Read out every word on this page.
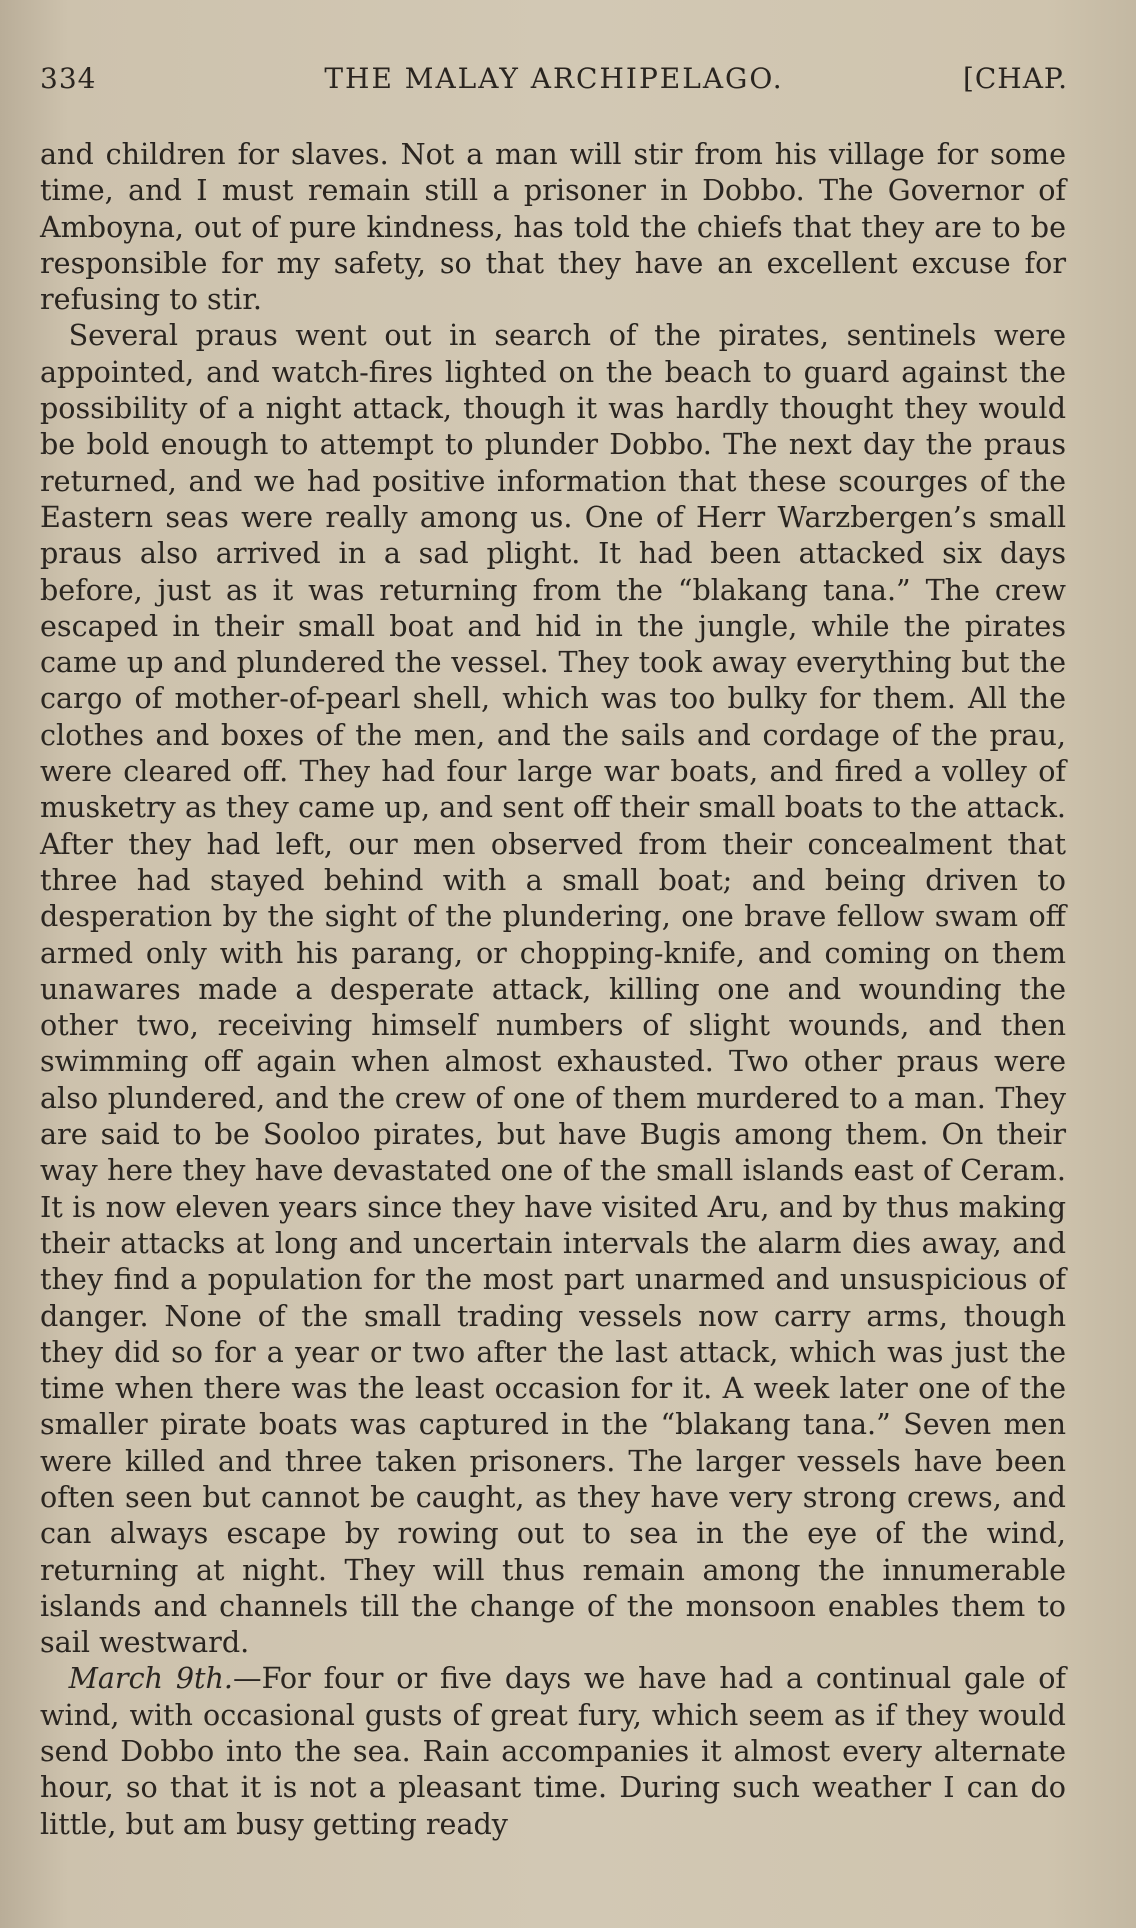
334	THE MALAY ARCHIPELAGO.	[CHAP.

and children for slaves. Not a man will stir from his village for some time, and I must remain still a prisoner in Dobbo. The Governor of Amboyna, out of pure kindness, has told the chiefs that they are to be responsible for my safety, so that they have an excellent excuse for refusing to stir.

Several praus went out in search of the pirates, sentinels were appointed, and watch-fires lighted on the beach to guard against the possibility of a night attack, though it was hardly thought they would be bold enough to attempt to plunder Dobbo. The next day the praus returned, and we had positive information that these scourges of the Eastern seas were really among us. One of Herr Warzbergen’s small praus also arrived in a sad plight. It had been attacked six days before, just as it was returning from the “blakang tana.” The crew escaped in their small boat and hid in the jungle, while the pirates came up and plundered the vessel. They took away everything but the cargo of mother-of-pearl shell, which was too bulky for them. All the clothes and boxes of the men, and the sails and cordage of the prau, were cleared off. They had four large war boats, and fired a volley of musketry as they came up, and sent off their small boats to the attack. After they had left, our men observed from their concealment that three had stayed behind with a small boat; and being driven to desperation by the sight of the plundering, one brave fellow swam off armed only with his parang, or chopping-knife, and coming on them unawares made a desperate attack, killing one and wounding the other two, receiving himself numbers of slight wounds, and then swimming off again when almost exhausted. Two other praus were also plundered, and the crew of one of them murdered to a man. They are said to be Sooloo pirates, but have Bugis among them. On their way here they have devastated one of the small islands east of Ceram. It is now eleven years since they have visited Aru, and by thus making their attacks at long and uncertain intervals the alarm dies away, and they find a population for the most part unarmed and unsuspicious of danger. None of the small trading vessels now carry arms, though they did so for a year or two after the last attack, which was just the time when there was the least occasion for it. A week later one of the smaller pirate boats was captured in the “blakang tana.” Seven men were killed and three taken prisoners. The larger vessels have been often seen but cannot be caught, as they have very strong crews, and can always escape by rowing out to sea in the eye of the wind, returning at night. They will thus remain among the innumerable islands and channels till the change of the monsoon enables them to sail westward.

March 9th.—For four or five days we have had a continual gale of wind, with occasional gusts of great fury, which seem as if they would send Dobbo into the sea. Rain accompanies it almost every alternate hour, so that it is not a pleasant time. During such weather I can do little, but am busy getting ready
